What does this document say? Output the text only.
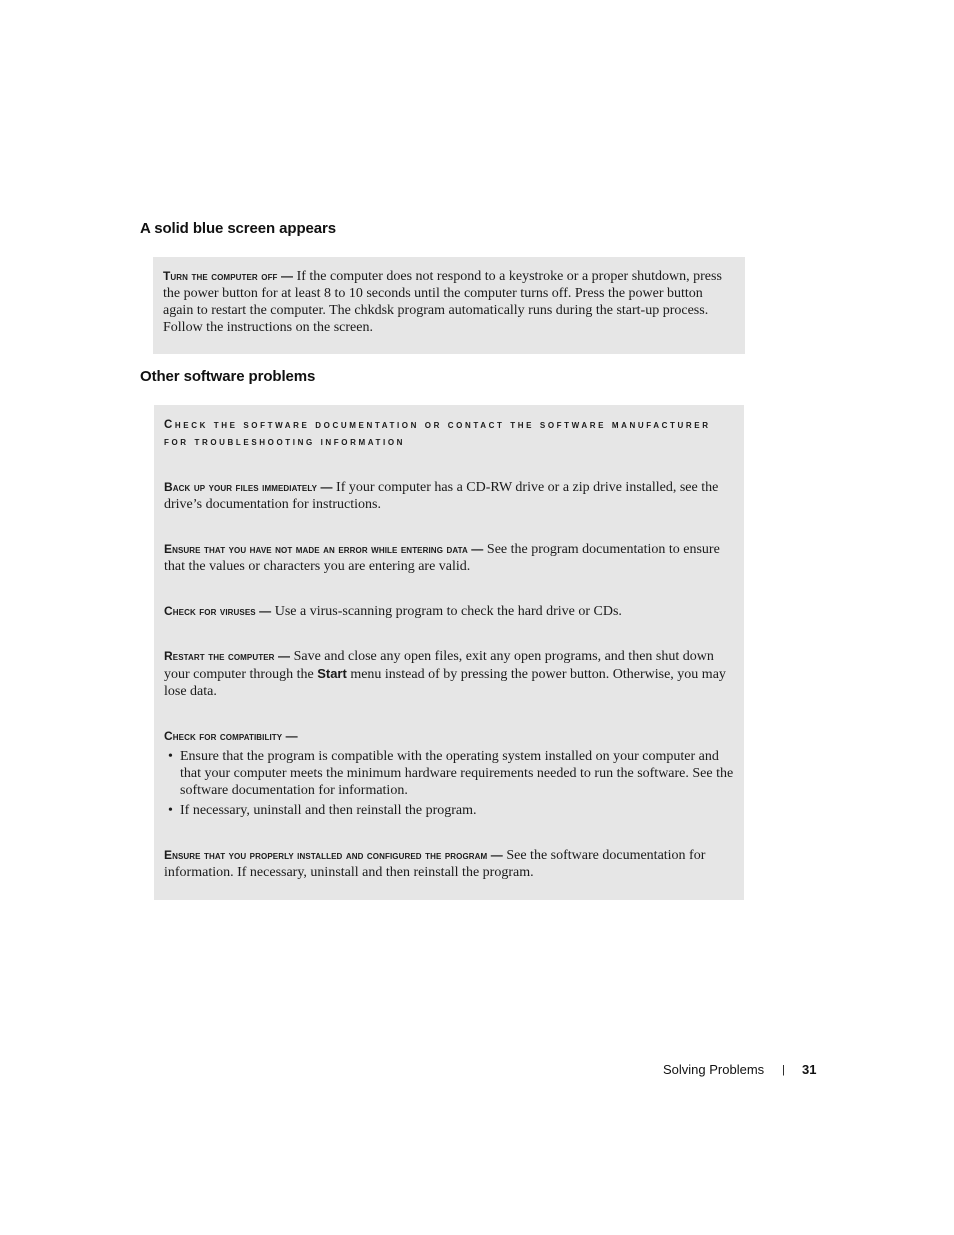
A solid blue screen appears

Turn the computer off — If the computer does not respond to a keystroke or a proper shutdown, press the power button for at least 8 to 10 seconds until the computer turns off. Press the power button again to restart the computer. The chkdsk program automatically runs during the start-up process. Follow the instructions on the screen.

Other software problems

Check the software documentation or contact the software manufacturer for troubleshooting information

Back up your files immediately — If your computer has a CD-RW drive or a zip drive installed, see the drive’s documentation for instructions.

Ensure that you have not made an error while entering data — See the program documentation to ensure that the values or characters you are entering are valid.

Check for viruses — Use a virus-scanning program to check the hard drive or CDs.

Restart the computer — Save and close any open files, exit any open programs, and then shut down your computer through the Start menu instead of by pressing the power button. Otherwise, you may lose data.

Check for compatibility —

• Ensure that the program is compatible with the operating system installed on your computer and that your computer meets the minimum hardware requirements needed to run the software. See the software documentation for information.
• If necessary, uninstall and then reinstall the program.

Ensure that you properly installed and configured the program — See the software documentation for information. If necessary, uninstall and then reinstall the program.

Solving Problems | 31
